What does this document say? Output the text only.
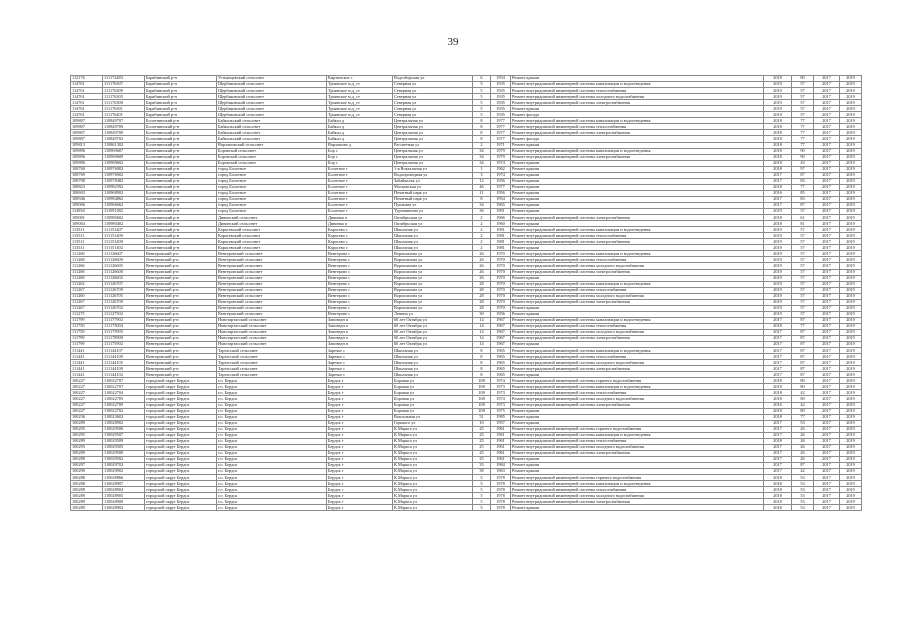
39
112176	111172483	Барабинский р-н	Устьянцевский сельсовет	Кирзинское с	Водозборская ул	6	1954	Ремонт крыши	2018	80	2017	2019
114761	111176307	Барабинский р-н	Щербаковский сельсовет	Троянское м.д_ст	Северная ул	5	1935	Ремонт внутридомовой инженерной системы канализации и водоотведения	2019	57	2017	2019
114761	111176309	Барабинский р-н	Щербаковский сельсовет	Троянское м.д_ст	Северная ул	5	1935	Ремонт внутридомовой инженерной системы теплоснабжения	2019	57	2017	2019
114761	111176305	Барабинский р-н	Щербаковский сельсовет	Троянское м.д_ст	Северная ул	5	1935	Ремонт внутридомовой инженерной системы холодного водоснабжения	2019	57	2017	2019
114761	111176300	Барабинский р-н	Щербаковский сельсовет	Троянское м.д_ст	Северная ул	5	1935	Ремонт внутридомовой инженерной системы электроснабжения	2019	57	2017	2019
114761	111176301	Барабинский р-н	Щербаковский сельсовет	Троянское м.д_ст	Северная ул	5	1935	Ремонт крыши	2019	57	2017	2019
114761	111176401	Барабинский р-н	Щербаковский сельсовет	Троянское м.д_ст	Северная ул	5	1935	Ремонт фасада	2019	57	2017	2019
109807	110849707	Болотнинский р-н	Байкальский сельсовет	Байкал д	Центральная ул	8	1977	Ремонт внутридомовой инженерной системы канализации и водоотведения	2018	77	2017	2019
109807	110849709	Болотнинский р-н	Байкальский сельсовет	Байкал д	Центральная ул	8	1977	Ремонт внутридомовой инженерной системы теплоснабжения	2018	77	2017	2019
109807	110849700	Болотнинский р-н	Байкальский сельсовет	Байкал д	Центральная ул	8	1977	Ремонт внутридомовой инженерной системы электроснабжения	2018	77	2017	2019
109807	110849702	Болотнинский р-н	Байкальский сельсовет	Байкал д	Центральная ул	8	1977	Ремонт фасада	2018	77	2017	2019
109813	110861302	Болотнинский р-н	Варламовский сельсовет	Варламово д	Рассветная ул	2	1971	Ремонт крыши	2018	77	2017	2019
109896	110969607	Болотнинский р-н	Боровской сельсовет	Бор с	Центральная ул	34	1979	Ремонт внутридомовой инженерной системы канализации и водоотведения	2018	90	2017	2019
109896	110969609	Болотнинский р-н	Боровской сельсовет	Бор с	Центральная ул	34	1979	Ремонт внутридомовой инженерной системы электроснабжения	2018	90	2017	2019
109896	110969602	Болотнинский р-н	Боровской сельсовет	Бор с	Центральная ул	34	1974	Ремонт крыши	2018	43	2017	2019
108760	110976082	Болотнинский р-н	город Болотное	Болотное г	1-я Вокзальная ул	1	1962	Ремонт крыши	2018	97	2017	2019
108769	110976902	Болотнинский р-н	город Болотное	Болотное г	Водопроводная ул	3	1974	Ремонт крыши	2017	87	2017	2019
108798	110978482	Болотнинский р-н	город Болотное	Болотное г	Забайкалья ул	12	1956	Ремонт крыши	2017	83	2017	2019
108823	110982392	Болотнинский р-н	город Болотное	Болотное г	Московская ул	46	1977	Ремонт крыши	2018	77	2017	2019
108693	110968902	Болотнинский р-н	город Болотное	Болотное г	Печатный парк ул	11	1956	Ремонт крыши	2016	85	2017	2019
108946	110984862	Болотнинский р-н	город Болотное	Болотное г	Печатный парк ул	8	1954	Ремонт крыши	2017	83	2017	2019
109006	110966662	Болотнинский р-н	город Болотное	Болотное г	Пушкина ул	34	1965	Ремонт крыши	2017	87	2017	2019
114930	111091002	Болотнинский р-н	город Болотное	Болотное г	Турчанинова ул	36	1991	Ремонт крыши	2019	57	2017	2019
109001	110980602	Болотнинский р-н	Дивинский сельсовет	Дивинка п	Октябрьская ул	2	1966	Ремонт внутридомовой инженерной системы электроснабжения	2018	61	2017	2019
109004	110980402	Болотнинский р-н	Дивинский сельсовет	Дивинка п	Октябрьская ул	2	1960	Ремонт крыши	2018	81	2017	2019
113511	111151407	Болотнинский р-н	Карасевский сельсовет	Карасево с	Школьная ул	2	1981	Ремонт внутридомовой инженерной системы канализации и водоотведения	2019	57	2017	2019
113511	111151409	Болотнинский р-н	Карасевский сельсовет	Карасево с	Школьная ул	2	1981	Ремонт внутридомовой инженерной системы теплоснабжения	2019	57	2017	2019
113511	111151400	Болотнинский р-н	Карасевский сельсовет	Карасево с	Школьная ул	2	1981	Ремонт внутридомовой инженерной системы электроснабжения	2019	57	2017	2019
113511	111151402	Болотнинский р-н	Карасевский сельсовет	Карасево с	Школьная ул	2	1981	Ремонт крыши	2019	57	2017	2019
111268	111126607	Венгеровский р-н	Венгеровский сельсовет	Венгерово с	Ворошилова ул	26	1970	Ремонт внутридомовой инженерной системы канализации и водоотведения	2019	57	2017	2019
111268	111126609	Венгеровский р-н	Венгеровский сельсовет	Венгерово с	Ворошилова ул	26	1970	Ремонт внутридомовой инженерной системы теплоснабжения	2019	57	2017	2019
111266	111126605	Венгеровский р-н	Венгеровский сельсовет	Венгерово с	Ворошилова ул	26	1970	Ремонт внутридомовой инженерной системы холодного водоснабжения	2019	57	2017	2019
111268	111126600	Венгеровский р-н	Венгеровский сельсовет	Венгерово с	Ворошилова ул	26	1970	Ремонт внутридомовой инженерной системы электроснабжения	2019	57	2017	2019
111268	111126602	Венгеровский р-н	Венгеровский сельсовет	Венгерово с	Ворошилова ул	26	1970	Ремонт крыши	2019	57	2017	2019
111262	111126707	Венгеровский р-н	Венгеровский сельсовет	Венгерово с	Ворошилова ул	28	1970	Ремонт внутридомовой инженерной системы канализации и водоотведения	2019	57	2017	2019
111267	111126709	Венгеровский р-н	Венгеровский сельсовет	Венгерово с	Ворошилова ул	28	1970	Ремонт внутридомовой инженерной системы теплоснабжения	2019	57	2017	2019
111260	111126705	Венгеровский р-н	Венгеровский сельсовет	Венгерово с	Ворошилова ул	28	1970	Ремонт внутридомовой инженерной системы холодного водоснабжения	2019	57	2017	2019
111267	111126700	Венгеровский р-н	Венгеровский сельсовет	Венгерово с	Ворошилова ул	28	1970	Ремонт внутридомовой инженерной системы электроснабжения	2019	57	2017	2019
111267	111126702	Венгеровский р-н	Венгеровский сельсовет	Венгерово с	Ворошилова ул	28	1970	Ремонт крыши	2019	57	2017	2019
111275	111127502	Венгеровский р-н	Венгеровский сельсовет	Венгерово с	Ленина ул	30	1956	Ремонт крыши	2019	57	2017	2019
111799	111177902	Венгеровский р-н	Новотартасский сельсовет	Заповедн п	60 лет Октября ул	14	1967	Ремонт внутридомовой инженерной системы канализации и водоотведения	2017	87	2017	2019
111750	111175004	Венгеровский р-н	Новотартасский сельсовет	Заповедн п	60 лет Октября ул	14	1967	Ремонт внутридомовой инженерной системы теплоснабжения	2018	77	2017	2019
111759	111175905	Венгеровский р-н	Новотартасский сельсовет	Заповедн п	60 лет Октября ул	14	1967	Ремонт внутридомовой инженерной системы холодного водоснабжения	2017	87	2017	2019
111799	111178900	Венгеровский р-н	Новотартасский сельсовет	Заповедн п	60 лет Октября ул	14	1967	Ремонт внутридомовой инженерной системы электроснабжения	2017	87	2017	2019
111799	111175902	Венгеровский р-н	Новотартасский сельсовет	Заповедн п	60 лет Октября ул	14	1967	Ремонт крыши	2017	87	2017	2019
111441	111144107	Венгеровский р-н	Тартасский сельсовет	Заречье с	Школьная ул	8	1965	Ремонт внутридомовой инженерной системы канализации и водоотведения	2017	87	2017	2019
111441	111144109	Венгеровский р-н	Тартасский сельсовет	Заречье с	Школьная ул	8	1965	Ремонт внутридомовой инженерной системы теплоснабжения	2017	87	2017	2019
111441	111144105	Венгеровский р-н	Тартасский сельсовет	Заречье с	Школьная ул	8	1965	Ремонт внутридомовой инженерной системы холодного водоснабжения	2017	87	2017	2019
111441	111144100	Венгеровский р-н	Тартасский сельсовет	Заречье с	Школьная ул	8	1965	Ремонт внутридомовой инженерной системы электроснабжения	2017	87	2017	2019
111441	111144102	Венгеровский р-н	Тартасский сельсовет	Заречье с	Школьная ул	8	1965	Ремонт крыши	2017	87	2017	2019
100227	110022707	городской округ Бердск	г.о. Бердск	Бердск г	Боровая ул	108	1974	Ремонт внутридомовой инженерной системы горячего водоснабжения	2018	80	2017	2019
100227	110022707	городской округ Бердск	г.о. Бердск	Бердск г	Боровая ул	108	1973	Ремонт внутридомовой инженерной системы канализации и водоотведения	2018	80	2017	2019
100227	110022704	городской округ Бердск	г.о. Бердск	Бердск г	Боровая ул	108	1973	Ремонт внутридомовой инженерной системы теплоснабжения	2018	42	2017	2019
100227	110022705	городской округ Бердск	г.о. Бердск	Бердск г	Боровая ул	108	1974	Ремонт внутридомовой инженерной системы холодного водоснабжения	2018	80	2017	2019
100227	110022709	городской округ Бердск	г.о. Бердск	Бердск г	Боровая ул	108	1973	Ремонт внутридомовой инженерной системы электроснабжения	2016	42	2017	2019
100227	110022702	городской округ Бердск	г.о. Бердск	Бердск г	Боровая ул	108	1975	Ремонт крыши	2018	80	2017	2019
100236	110023602	городской округ Бердск	г.о. Бердск	Бердск г	Вокзальная ул	51	1985	Ремонт крыши	2018	77	2017	2019
100289	110028902	городской округ Бердск	г.о. Бердск	Бердск г	Горького ул	10	1957	Ремонт крыши	2017	53	2017	2019
100295	110029506	городской округ Бердск	г.о. Бердск	Бердск г	К.Маркса ул	25	1961	Ремонт внутридомовой инженерной системы горячего водоснабжения	2017	26	2017	2019
100295	110029507	городской округ Бердск	г.о. Бердск	Бердск г	К.Маркса ул	25	1961	Ремонт внутридомовой инженерной системы канализации и водоотведения	2017	26	2017	2019
100289	110029509	городской округ Бердск	г.о. Бердск	Бердск г	К.Маркса ул	25	1961	Ремонт внутридомовой инженерной системы теплоснабжения	2018	26	2017	2019
100295	110029505	городской округ Бердск	г.о. Бердск	Бердск г	К.Маркса ул	25	1961	Ремонт внутридомовой инженерной системы холодного водоснабжения	2017	26	2017	2019
100289	110029500	городской округ Бердск	г.о. Бердск	Бердск г	К.Маркса ул	25	1961	Ремонт внутридомовой инженерной системы электроснабжения	2017	26	2017	2019
100289	110029502	городской округ Бердск	г.о. Бердск	Бердск г	К.Маркса ул	25	1961	Ремонт крыши	2017	26	2017	2019
100297	110029702	городской округ Бердск	г.о. Бердск	Бердск г	К.Маркса ул	33	1984	Ремонт крыши	2017	87	2017	2019
100299	110029902	городской округ Бердск	г.о. Бердск	Бердск г	К.Маркса ул	38	1963	Ремонт крыши	2017	42	2017	2019
100288	110028866	городской округ Бердск	г.о. Бердск	Бердск г	К.Маркса ул	5	1978	Ремонт внутридомовой инженерной системы горячего водоснабжения	2018	53	2017	2019
100288	110028907	городской округ Бердск	г.о. Бердск	Бердск г	К.Маркса ул	5	1978	Ремонт внутридомовой инженерной системы канализации и водоотведения	2018	53	2017	2019
100288	110028904	городской округ Бердск	г.о. Бердск	Бердск г	К.Маркса ул	5	1978	Ремонт внутридомовой инженерной системы теплоснабжения	2018	53	2017	2019
100289	110028905	городской округ Бердск	г.о. Бердск	Бердск г	К.Маркса ул	5	1978	Ремонт внутридомовой инженерной системы холодного водоснабжения	2018	53	2017	2019
100289	110028900	городской округ Бердск	г.о. Бердск	Бердск г	К.Маркса ул	5	1978	Ремонт внутридомовой инженерной системы электроснабжения	2018	53	2017	2019
100289	110028902	городской округ Бердск	г.о. Бердск	Бердск г	К.Маркса ул	5	1978	Ремонт крыши	2018	53	2017	2019
